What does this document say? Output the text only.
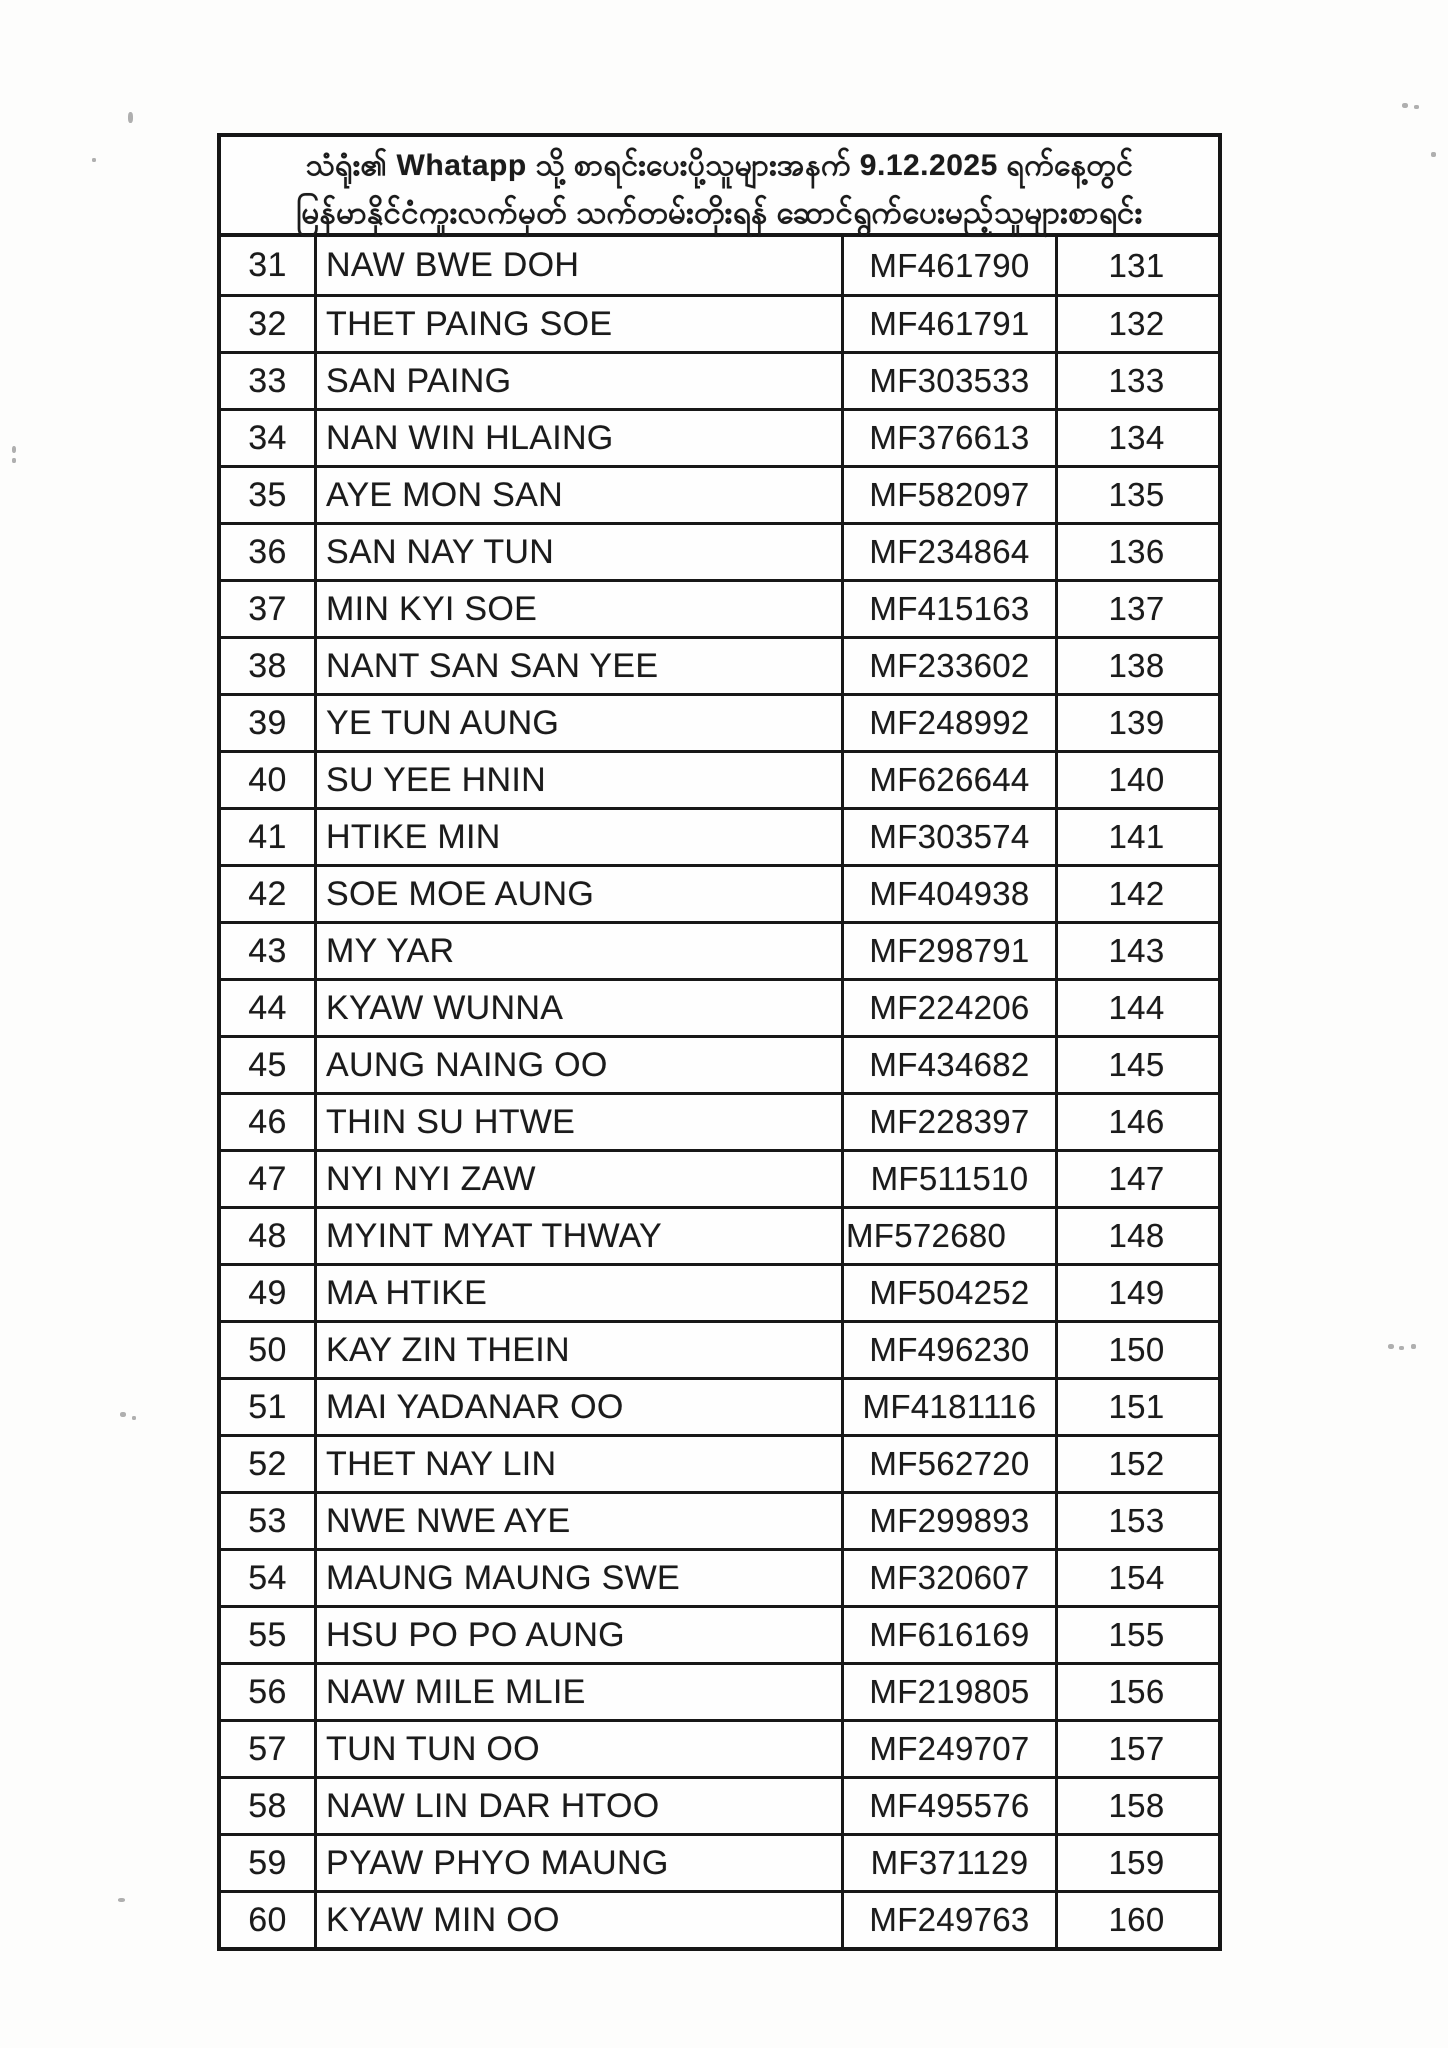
သံရုံး၏ Whatapp သို့ စာရင်းပေးပို့သူများအနက် 9.12.2025 ရက်နေ့တွင်
မြန်မာနိုင်ငံကူးလက်မှတ် သက်တမ်းတိုးရန် ဆောင်ရွက်ပေးမည့်သူများစာရင်း
31	NAW BWE DOH	MF461790	131
32	THET PAING SOE	MF461791	132
33	SAN PAING	MF303533	133
34	NAN WIN HLAING	MF376613	134
35	AYE MON SAN	MF582097	135
36	SAN NAY TUN	MF234864	136
37	MIN KYI SOE	MF415163	137
38	NANT SAN SAN YEE	MF233602	138
39	YE TUN AUNG	MF248992	139
40	SU YEE HNIN	MF626644	140
41	HTIKE MIN	MF303574	141
42	SOE MOE AUNG	MF404938	142
43	MY YAR	MF298791	143
44	KYAW WUNNA	MF224206	144
45	AUNG NAING OO	MF434682	145
46	THIN SU HTWE	MF228397	146
47	NYI NYI ZAW	MF511510	147
48	MYINT MYAT THWAY	MF572680	148
49	MA HTIKE	MF504252	149
50	KAY ZIN THEIN	MF496230	150
51	MAI YADANAR OO	MF4181116	151
52	THET NAY LIN	MF562720	152
53	NWE NWE AYE	MF299893	153
54	MAUNG MAUNG SWE	MF320607	154
55	HSU PO PO AUNG	MF616169	155
56	NAW MILE MLIE	MF219805	156
57	TUN TUN OO	MF249707	157
58	NAW LIN DAR HTOO	MF495576	158
59	PYAW PHYO MAUNG	MF371129	159
60	KYAW MIN OO	MF249763	160
